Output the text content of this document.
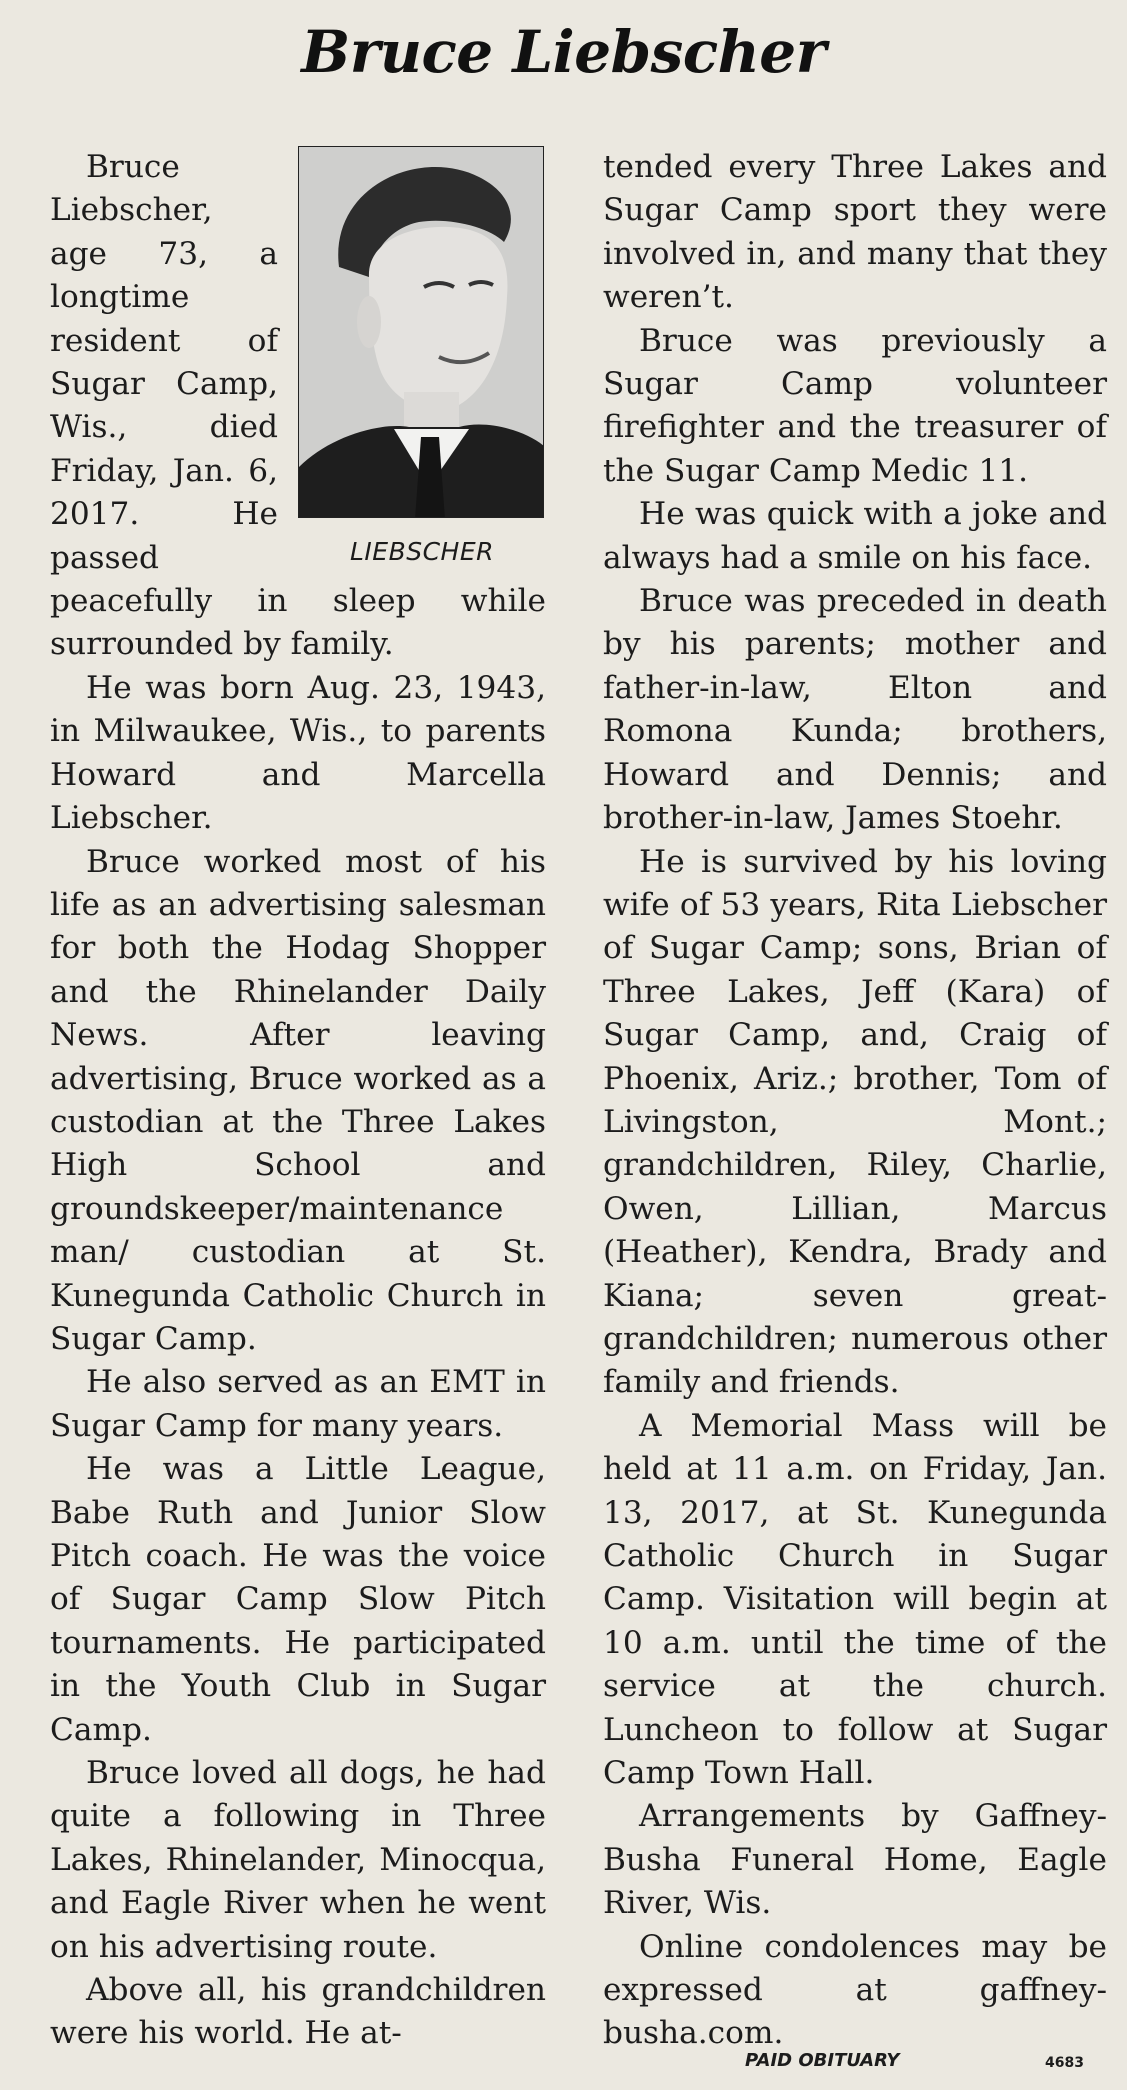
Bruce Liebscher
LIEBSCHER

Bruce Liebscher, age 73, a longtime resident of Sugar Camp, Wis., died Friday, Jan. 6, 2017. He passed peacefully in sleep while surrounded by family.

He was born Aug. 23, 1943, in Milwaukee, Wis., to parents Howard and Marcella Liebscher.

Bruce worked most of his life as an advertising salesman for both the Hodag Shopper and the Rhinelander Daily News. After leaving advertising, Bruce worked as a custodian at the Three Lakes High School and groundskeeper/maintenance man/ custodian at St. Kunegunda Catholic Church in Sugar Camp.

He also served as an EMT in Sugar Camp for many years.

He was a Little League, Babe Ruth and Junior Slow Pitch coach. He was the voice of Sugar Camp Slow Pitch tournaments. He participated in the Youth Club in Sugar Camp.

Bruce loved all dogs, he had quite a following in Three Lakes, Rhinelander, Minocqua, and Eagle River when he went on his advertising route.

Above all, his grandchildren were his world. He at-

tended every Three Lakes and Sugar Camp sport they were involved in, and many that they weren’t.

Bruce was previously a Sugar Camp volunteer firefighter and the treasurer of the Sugar Camp Medic 11.

He was quick with a joke and always had a smile on his face.

Bruce was preceded in death by his parents; mother and father-in-law, Elton and Romona Kunda; brothers, Howard and Dennis; and brother-in-law, James Stoehr.

He is survived by his loving wife of 53 years, Rita Liebscher of Sugar Camp; sons, Brian of Three Lakes, Jeff (Kara) of Sugar Camp, and, Craig of Phoenix, Ariz.; brother, Tom of Livingston, Mont.; grandchildren, Riley, Charlie, Owen, Lillian, Marcus (Heather), Kendra, Brady and Kiana; seven great-grandchildren; numerous other family and friends.

A Memorial Mass will be held at 11 a.m. on Friday, Jan. 13, 2017, at St. Kunegunda Catholic Church in Sugar Camp. Visitation will begin at 10 a.m. until the time of the service at the church. Luncheon to follow at Sugar Camp Town Hall.

Arrangements by Gaffney-Busha Funeral Home, Eagle River, Wis.

Online condolences may be expressed at gaffney-busha.com.

PAID OBITUARY	4683
